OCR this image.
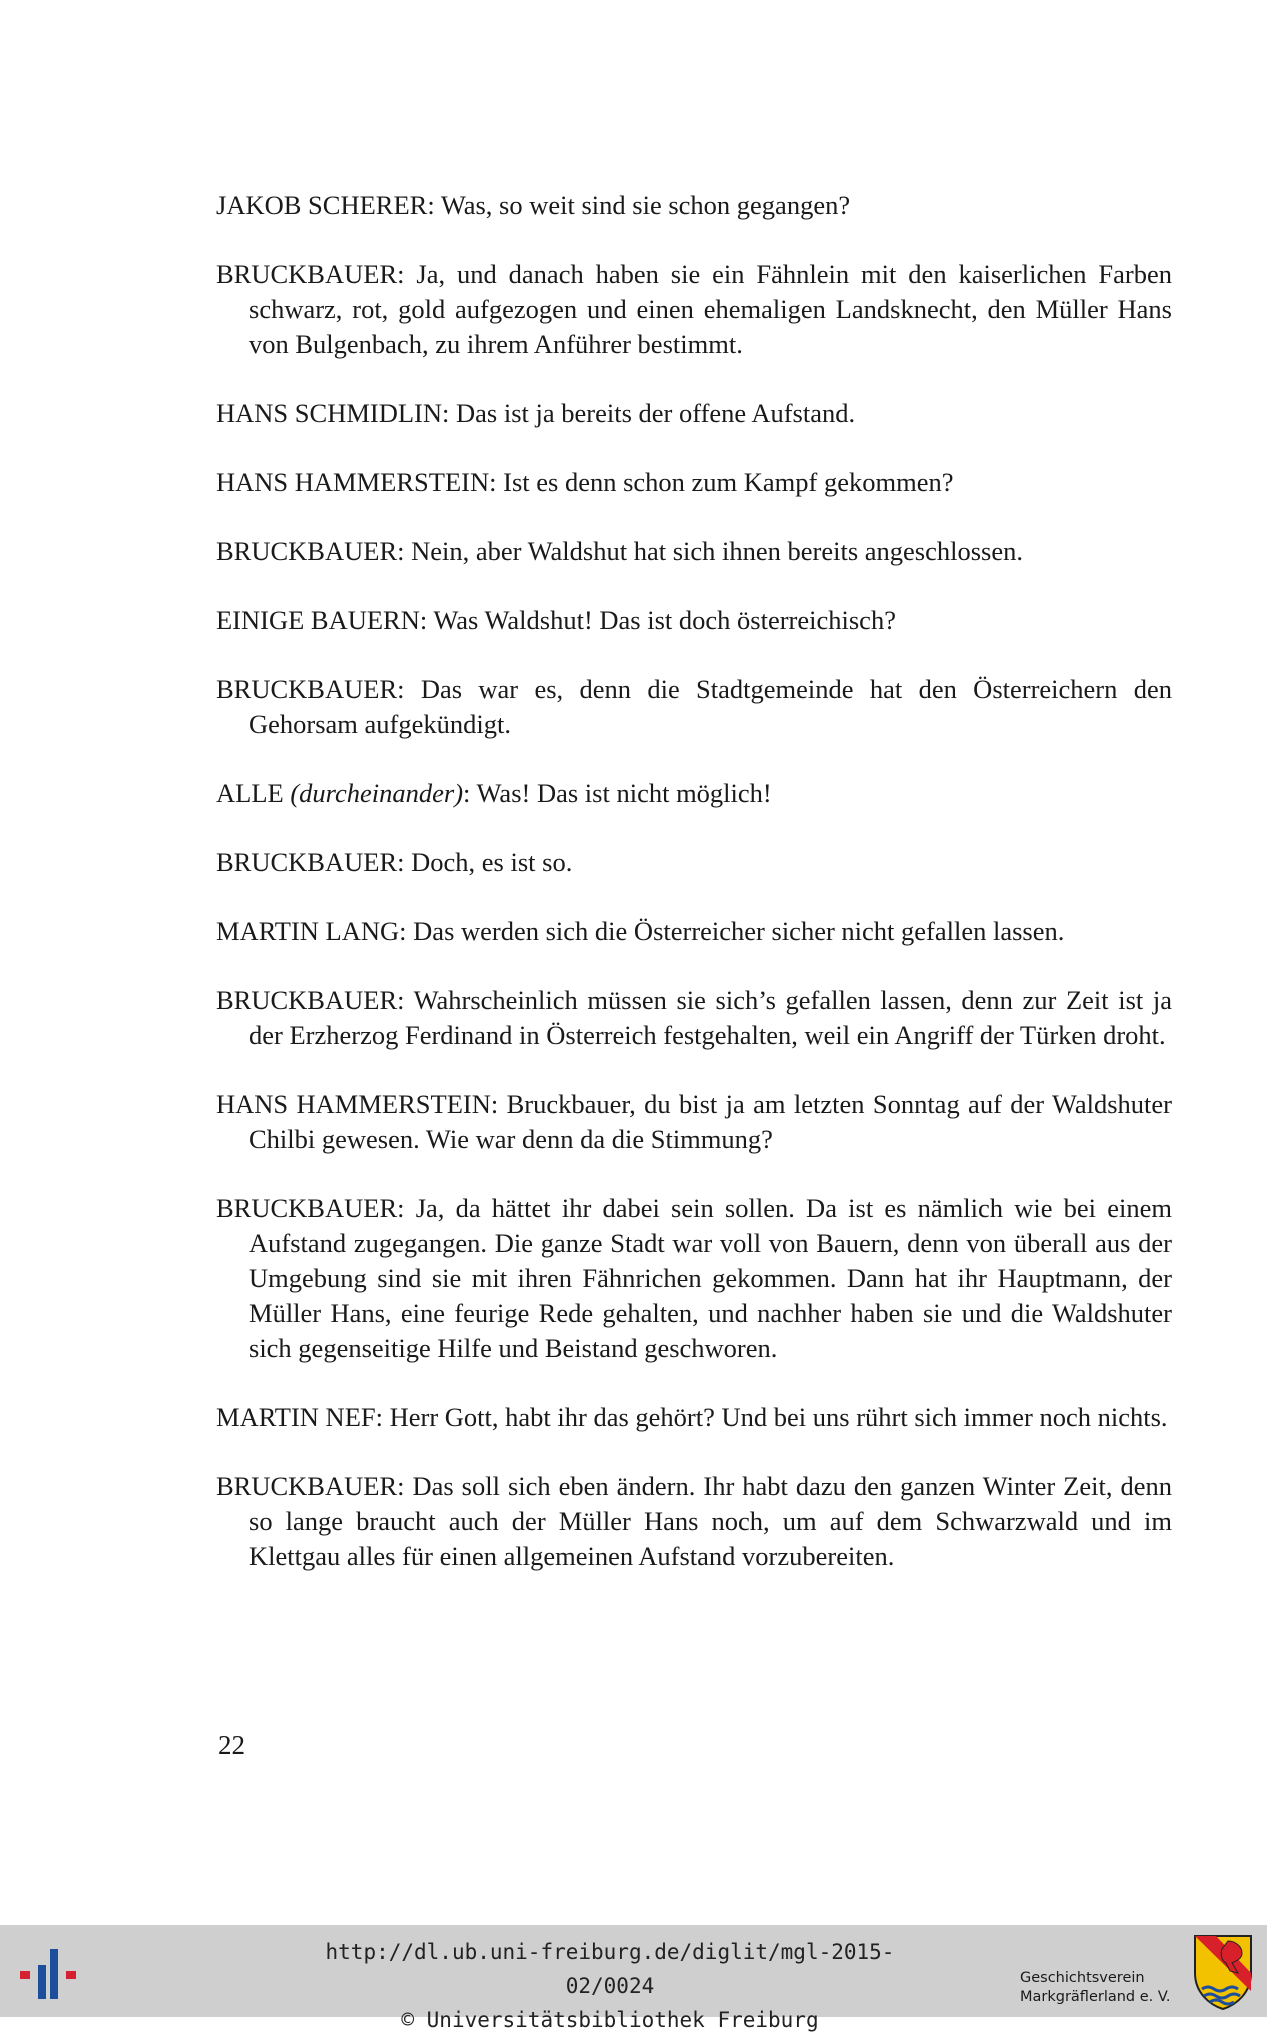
JAKOB SCHERER: Was, so weit sind sie schon gegangen?

BRUCKBAUER: Ja, und danach haben sie ein Fähnlein mit den kaiserlichen Farben schwarz, rot, gold aufgezogen und einen ehemaligen Landsknecht, den Müller Hans von Bulgenbach, zu ihrem Anführer bestimmt.

HANS SCHMIDLIN: Das ist ja bereits der offene Aufstand.

HANS HAMMERSTEIN: Ist es denn schon zum Kampf gekommen?

BRUCKBAUER: Nein, aber Waldshut hat sich ihnen bereits angeschlossen.

EINIGE BAUERN: Was Waldshut! Das ist doch österreichisch?

BRUCKBAUER: Das war es, denn die Stadtgemeinde hat den Österreichern den Gehorsam aufgekündigt.

ALLE (durcheinander): Was! Das ist nicht möglich!

BRUCKBAUER: Doch, es ist so.

MARTIN LANG: Das werden sich die Österreicher sicher nicht gefallen lassen.

BRUCKBAUER: Wahrscheinlich müssen sie sich’s gefallen lassen, denn zur Zeit ist ja der Erzherzog Ferdinand in Österreich festgehalten, weil ein Angriff der Türken droht.

HANS HAMMERSTEIN: Bruckbauer, du bist ja am letzten Sonntag auf der Waldshuter Chilbi gewesen. Wie war denn da die Stimmung?

BRUCKBAUER: Ja, da hättet ihr dabei sein sollen. Da ist es nämlich wie bei einem Aufstand zugegangen. Die ganze Stadt war voll von Bauern, denn von überall aus der Umgebung sind sie mit ihren Fähnrichen gekommen. Dann hat ihr Hauptmann, der Müller Hans, eine feurige Rede gehalten, und nachher haben sie und die Waldshuter sich gegenseitige Hilfe und Beistand geschworen.

MARTIN NEF: Herr Gott, habt ihr das gehört? Und bei uns rührt sich immer noch nichts.

BRUCKBAUER: Das soll sich eben ändern. Ihr habt dazu den ganzen Winter Zeit, denn so lange braucht auch der Müller Hans noch, um auf dem Schwarzwald und im Klettgau alles für einen allgemeinen Aufstand vorzubereiten.

22
http://dl.ub.uni-freiburg.de/diglit/mgl-2015-02/0024
© Universitätsbibliothek Freiburg
Geschichtsverein
Markgräflerland e. V.
